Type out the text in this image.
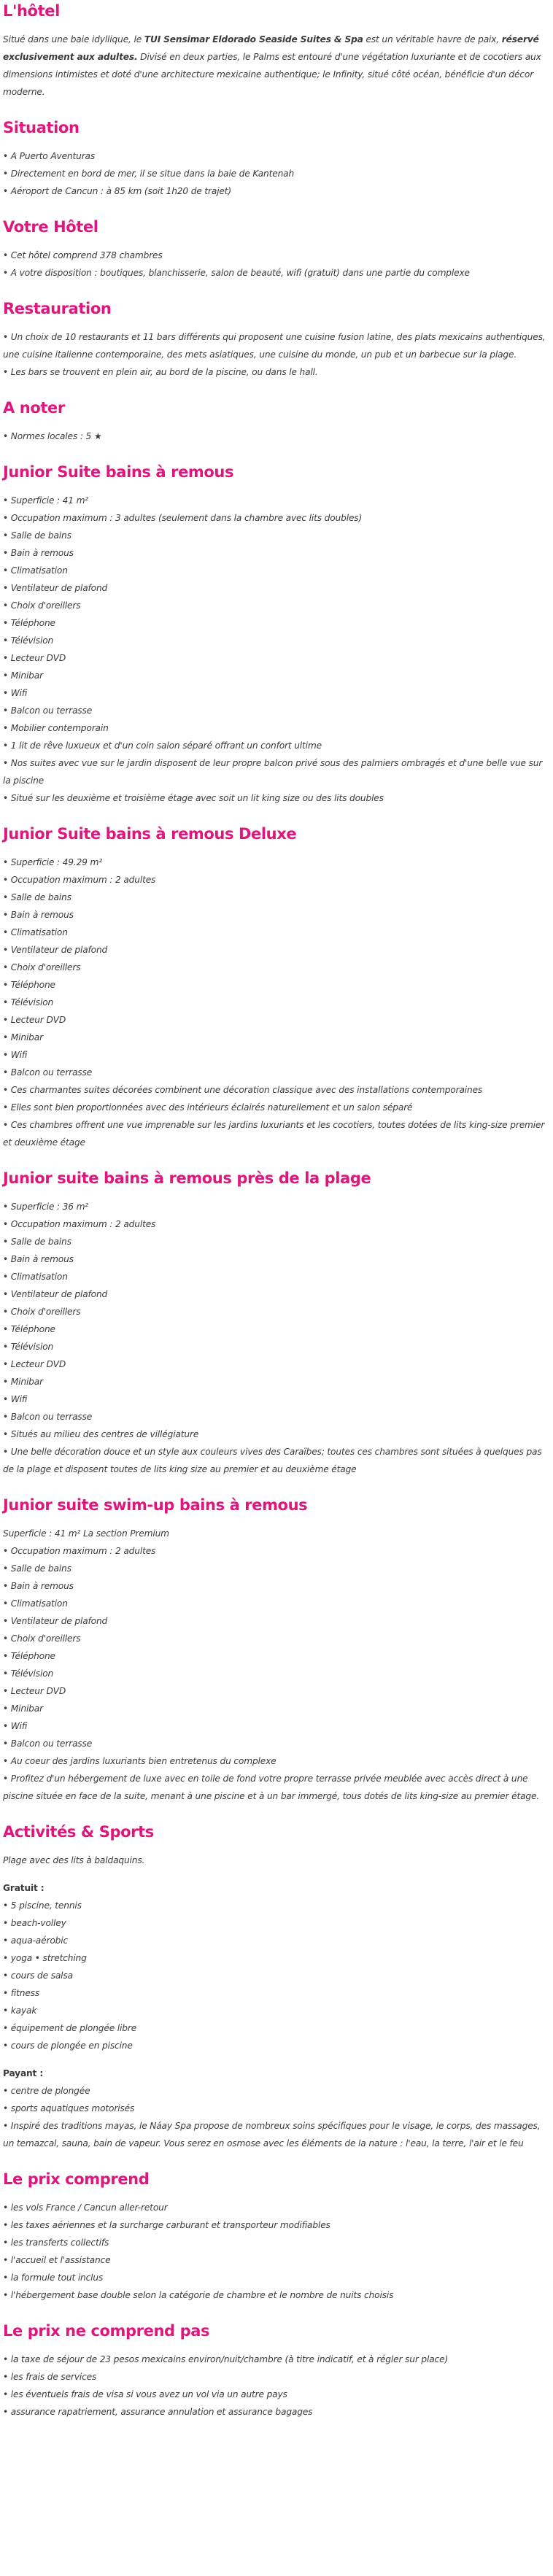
L'hôtel

Situé dans une baie idyllique, le TUI Sensimar Eldorado Seaside Suites & Spa est un véritable havre de paix, réservé exclusivement aux adultes. Divisé en deux parties, le Palms est entouré d'une végétation luxuriante et de cocotiers aux dimensions intimistes et doté d'une architecture mexicaine authentique; le Infinity, situé côté océan, bénéficie d'un décor moderne.

Situation
• A Puerto Aventuras
• Directement en bord de mer, il se situe dans la baie de Kantenah
• Aéroport de Cancun : à 85 km (soit 1h20 de trajet)
Votre Hôtel
• Cet hôtel comprend 378 chambres
• A votre disposition : boutiques, blanchisserie, salon de beauté, wifi (gratuit) dans une partie du complexe
Restauration
• Un choix de 10 restaurants et 11 bars différents qui proposent une cuisine fusion latine, des plats mexicains authentiques, une cuisine italienne contemporaine, des mets asiatiques, une cuisine du monde, un pub et un barbecue sur la plage.
• Les bars se trouvent en plein air, au bord de la piscine, ou dans le hall.
A noter
• Normes locales : 5 ★
Junior Suite bains à remous
• Superficie : 41 m²
• Occupation maximum : 3 adultes (seulement dans la chambre avec lits doubles)
• Salle de bains
• Bain à remous
• Climatisation
• Ventilateur de plafond
• Choix d'oreillers
• Téléphone
• Télévision
• Lecteur DVD
• Minibar
• Wifi
• Balcon ou terrasse
• Mobilier contemporain
• 1 lit de rêve luxueux et d'un coin salon séparé offrant un confort ultime
• Nos suites avec vue sur le jardin disposent de leur propre balcon privé sous des palmiers ombragés et d'une belle vue sur la piscine
• Situé sur les deuxième et troisième étage avec soit un lit king size ou des lits doubles
Junior Suite bains à remous Deluxe
• Superficie : 49.29 m²
• Occupation maximum : 2 adultes
• Salle de bains
• Bain à remous
• Climatisation
• Ventilateur de plafond
• Choix d'oreillers
• Téléphone
• Télévision
• Lecteur DVD
• Minibar
• Wifi
• Balcon ou terrasse
• Ces charmantes suites décorées combinent une décoration classique avec des installations contemporaines
• Elles sont bien proportionnées avec des intérieurs éclairés naturellement et un salon séparé
• Ces chambres offrent une vue imprenable sur les jardins luxuriants et les cocotiers, toutes dotées de lits king-size premier et deuxième étage
Junior suite bains à remous près de la plage
• Superficie : 36 m²
• Occupation maximum : 2 adultes
• Salle de bains
• Bain à remous
• Climatisation
• Ventilateur de plafond
• Choix d'oreillers
• Téléphone
• Télévision
• Lecteur DVD
• Minibar
• Wifi
• Balcon ou terrasse
• Situés au milieu des centres de villégiature
• Une belle décoration douce et un style aux couleurs vives des Caraïbes; toutes ces chambres sont situées à quelques pas de la plage et disposent toutes de lits king size au premier et au deuxième étage
Junior suite swim-up bains à remous

Superficie : 41 m² La section Premium

• Occupation maximum : 2 adultes
• Salle de bains
• Bain à remous
• Climatisation
• Ventilateur de plafond
• Choix d'oreillers
• Téléphone
• Télévision
• Lecteur DVD
• Minibar
• Wifi
• Balcon ou terrasse
• Au coeur des jardins luxuriants bien entretenus du complexe
• Profitez d'un hébergement de luxe avec en toile de fond votre propre terrasse privée meublée avec accès direct à une piscine située en face de la suite, menant à une piscine et à un bar immergé, tous dotés de lits king-size au premier étage.
Activités & Sports

Plage avec des lits à baldaquins.

Gratuit :

• 5 piscine, tennis
• beach-volley
• aqua-aérobic
• yoga • stretching
• cours de salsa
• fitness
• kayak
• équipement de plongée libre
• cours de plongée en piscine

Payant :

• centre de plongée
• sports aquatiques motorisés
• Inspiré des traditions mayas, le Náay Spa propose de nombreux soins spécifiques pour le visage, le corps, des massages, un temazcal, sauna, bain de vapeur. Vous serez en osmose avec les éléments de la nature : l'eau, la terre, l'air et le feu
Le prix comprend
• les vols France / Cancun aller-retour
• les taxes aériennes et la surcharge carburant et transporteur modifiables
• les transferts collectifs
• l'accueil et l'assistance
• la formule tout inclus
• l'hébergement base double selon la catégorie de chambre et le nombre de nuits choisis
Le prix ne comprend pas
• la taxe de séjour de 23 pesos mexicains environ/nuit/chambre (à titre indicatif, et à régler sur place)
• les frais de services
• les éventuels frais de visa si vous avez un vol via un autre pays
• assurance rapatriement, assurance annulation et assurance bagages
